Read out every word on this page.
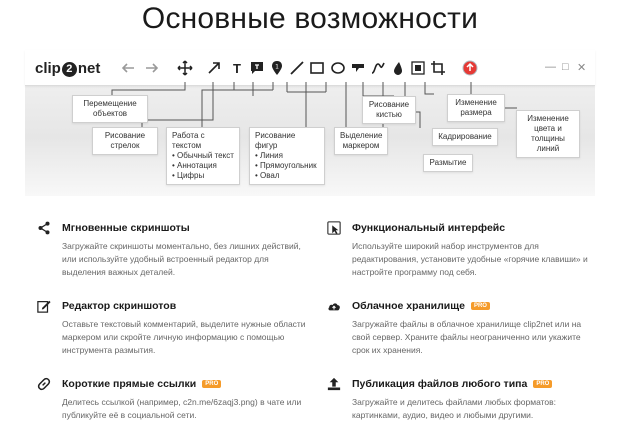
Основные возможности
clip 2 net	T	1	— □ ✕
Перемещение объектов
Рисование стрелок
Работа с текстом
• Обычный текст
• Аннотация
• Цифры
Рисование фигур
• Линия
• Прямоугольник
• Овал
Выделение маркером
Рисование кистью
Размытие
Кадрирование
Изменение размера
Изменение цвета и толщины линий
Мгновенные скриншоты
Загружайте скриншоты моментально, без лишних действий, или используйте удобный встроенный редактор для выделения важных деталей.
Функциональный интерфейс
Используйте широкий набор инструментов для редактирования, установите удобные «горячие клавиши» и настройте программу под себя.
Редактор скриншотов
Оставьте текстовый комментарий, выделите нужные области маркером или скройте личную информацию с помощью инструмента размытия.
Облачное хранилище	PRO
Загружайте файлы в облачное хранилище clip2net или на свой сервер. Храните файлы неограниченно или укажите срок их хранения.
Короткие прямые ссылки	PRO
Делитесь ссылкой (например, c2n.me/6zaqj3.png) в чате или публикуйте её в социальной сети.
Публикация файлов любого типа	PRO
Загружайте и делитесь файлами любых форматов: картинками, аудио, видео и любыми другими.
